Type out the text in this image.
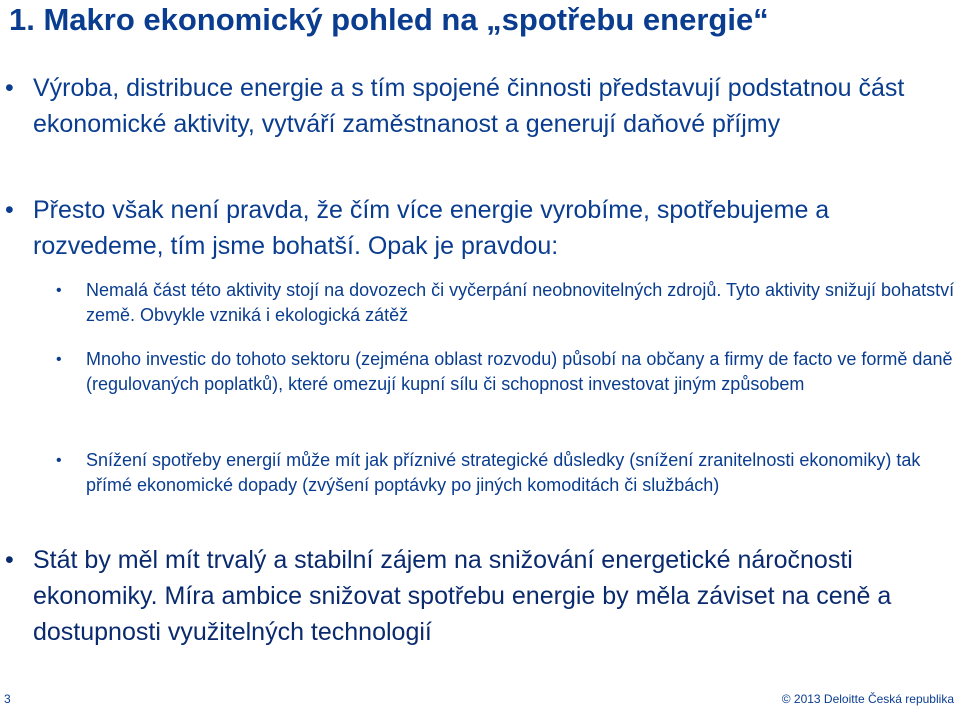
1. Makro ekonomický pohled na „spotřebu energie“
• Výroba, distribuce energie a s tím spojené činnosti představují podstatnou část ekonomické aktivity, vytváří zaměstnanost a generují daňové příjmy
• Přesto však není pravda, že čím více energie vyrobíme, spotřebujeme a rozvedeme, tím jsme bohatší. Opak je pravdou:
• Nemalá část této aktivity stojí na dovozech či vyčerpání neobnovitelných zdrojů. Tyto aktivity snižují bohatství země. Obvykle vzniká i ekologická zátěž
• Mnoho investic do tohoto sektoru (zejména oblast rozvodu) působí na občany a firmy de facto ve formě daně (regulovaných poplatků), které omezují kupní sílu či schopnost investovat jiným způsobem
• Snížení spotřeby energií může mít jak příznivé strategické důsledky (snížení zranitelnosti ekonomiky) tak přímé ekonomické dopady (zvýšení poptávky po jiných komoditách či službách)
• Stát by měl mít trvalý a stabilní zájem na snižování energetické náročnosti ekonomiky. Míra ambice snižovat spotřebu energie by měla záviset na ceně a dostupnosti využitelných technologií
3	© 2013 Deloitte Česká republika
